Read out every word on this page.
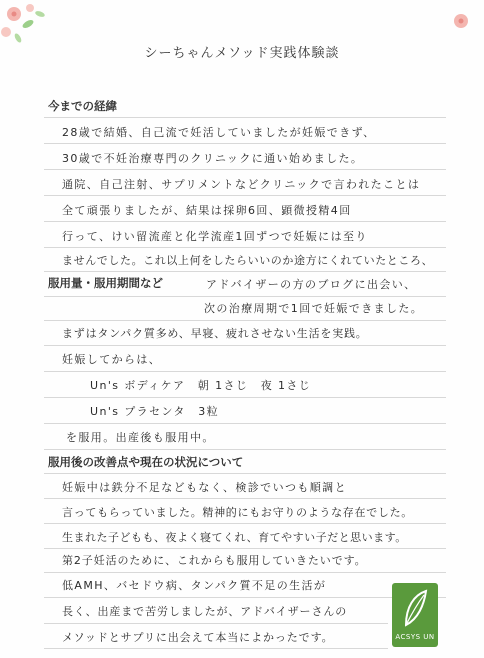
シーちゃんメソッド実践体験談
今までの経緯
28歳で結婚、自己流で妊活していましたが妊娠できず、
30歳で不妊治療専門のクリニックに通い始めました。
通院、自己注射、サプリメントなどクリニックで言われたことは
全て頑張りましたが、結果は採卵6回、顕微授精4回
行って、けい留流産と化学流産1回ずつで妊娠には至り
ませんでした。これ以上何をしたらいいのか途方にくれていたところ、
服用量・服用期間など	アドバイザーの方のブログに出会い、
次の治療周期で1回で妊娠できました。
まずはタンパク質多め、早寝、疲れさせない生活を実践。
妊娠してからは、
Un's ボディケア　朝 1さじ　夜 1さじ
Un's プラセンタ　3粒
を服用。出産後も服用中。
服用後の改善点や現在の状況について
妊娠中は鉄分不足などもなく、検診でいつも順調と
言ってもらっていました。精神的にもお守りのような存在でした。
生まれた子どもも、夜よく寝てくれ、育てやすい子だと思います。
第2子妊活のために、これからも服用していきたいです。
低AMH、バセドウ病、タンパク質不足の生活が
長く、出産まで苦労しましたが、アドバイザーさんの
メソッドとサプリに出会えて本当によかったです。	ACSYS UN
